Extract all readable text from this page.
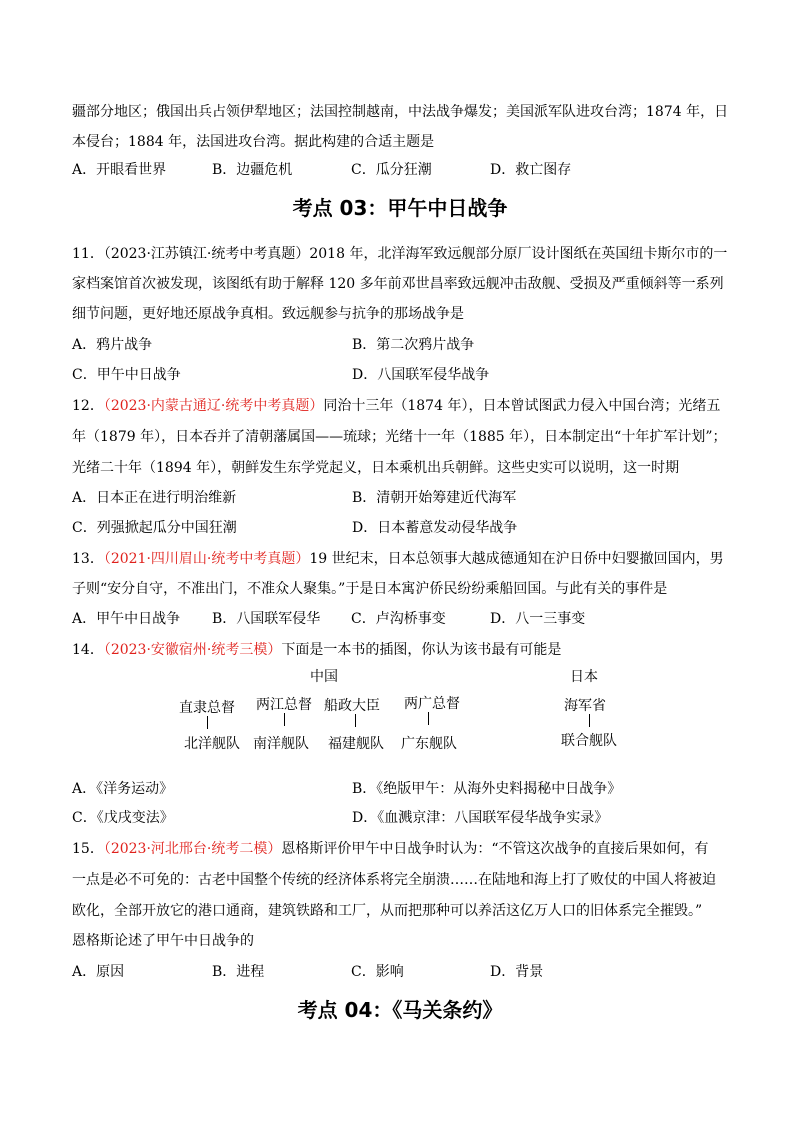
疆部分地区；俄国出兵占领伊犁地区；法国控制越南，中法战争爆发；美国派军队进攻台湾；1874 年，日
本侵台；1884 年，法国进攻台湾。据此构建的合适主题是
A．开眼看世界	B．边疆危机	C．瓜分狂潮	D．救亡图存
考点 03：甲午中日战争
11．（2023·江苏镇江·统考中考真题）2018 年，北洋海军致远舰部分原厂设计图纸在英国纽卡斯尔市的一
家档案馆首次被发现，该图纸有助于解释 120 多年前邓世昌率致远舰冲击敌舰、受损及严重倾斜等一系列
细节问题，更好地还原战争真相。致远舰参与抗争的那场战争是
A．鸦片战争	B．第二次鸦片战争
C．甲午中日战争	D．八国联军侵华战争
12．（2023·内蒙古通辽·统考中考真题）同治十三年（1874 年），日本曾试图武力侵入中国台湾；光绪五
年（1879 年），日本吞并了清朝藩属国——琉球；光绪十一年（1885 年），日本制定出“十年扩军计划”；
光绪二十年（1894 年），朝鲜发生东学党起义，日本乘机出兵朝鲜。这些史实可以说明，这一时期
A．日本正在进行明治维新	B．清朝开始筹建近代海军
C．列强掀起瓜分中国狂潮	D．日本蓄意发动侵华战争
13．（2021·四川眉山·统考中考真题）19 世纪末，日本总领事大越成德通知在沪日侨中妇婴撤回国内，男
子则“安分自守，不准出门，不准众人聚集。”于是日本寓沪侨民纷纷乘船回国。与此有关的事件是
A．甲午中日战争 B．八国联军侵华 C．卢沟桥事变	D．八一三事变
14．（2023·安徽宿州·统考三模）下面是一本书的插图，你认为该书最有可能是
中国	日本
直隶总督 两江总督 船政大臣 两广总督	海军省
北洋舰队 南洋舰队 福建舰队 广东舰队	联合舰队
A．《洋务运动》	B．《绝版甲午：从海外史料揭秘中日战争》
C．《戊戌变法》	D．《血溅京津：八国联军侵华战争实录》
15．（2023·河北邢台·统考二模）恩格斯评价甲午中日战争时认为：“不管这次战争的直接后果如何，有
一点是必不可免的：古老中国整个传统的经济体系将完全崩溃……在陆地和海上打了败仗的中国人将被迫
欧化，全部开放它的港口通商，建筑铁路和工厂，从而把那种可以养活这亿万人口的旧体系完全摧毁。”
恩格斯论述了甲午中日战争的
A．原因	B．进程	C．影响	D．背景
考点 04：《马关条约》
